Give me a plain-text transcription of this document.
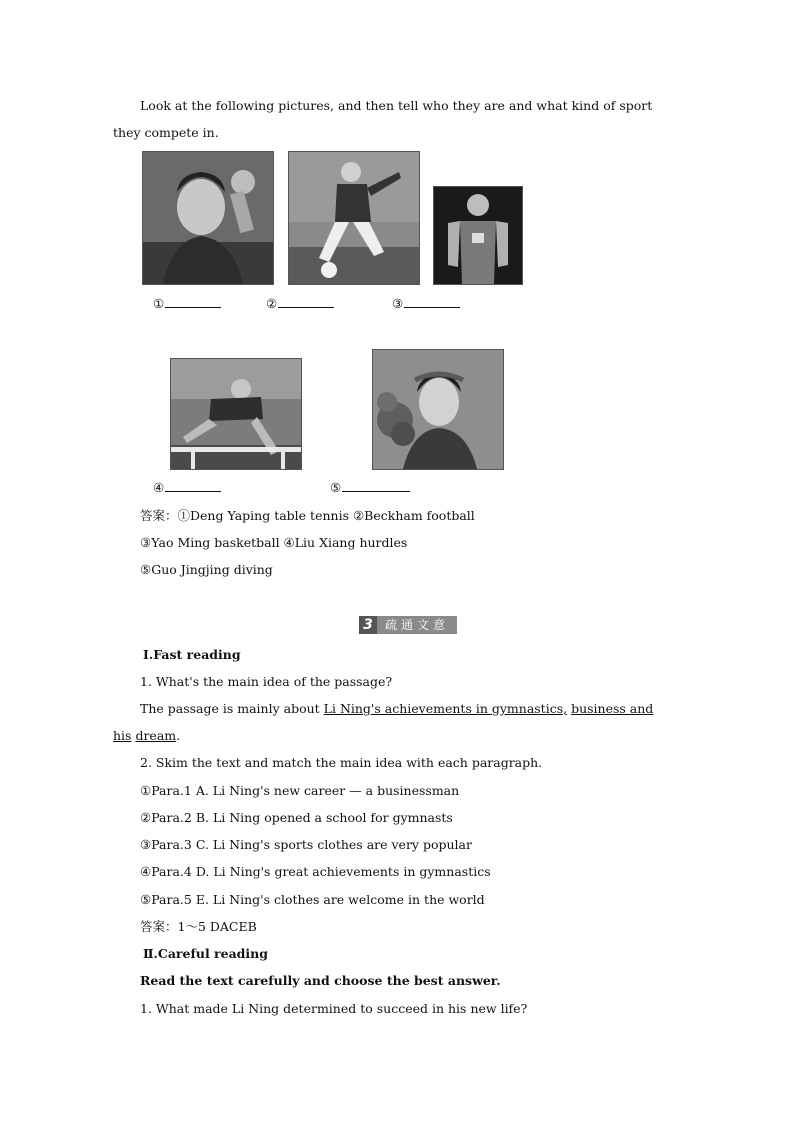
Look at the following pictures, and then tell who they are and what kind of sport
they compete in.
①	②	③
④	⑤
答案：①Deng Yaping table tennis ②Beckham football
③Yao Ming basketball ④Liu Xiang hurdles
⑤Guo Jingjing diving
3	疏通文意
Ⅰ.Fast reading
1. What's the main idea of the passage?
The passage is mainly about Li Ning's achievements in gymnastics, business and
his dream.
2. Skim the text and match the main idea with each paragraph.
①Para.1 A. Li Ning's new career — a businessman
②Para.2 B. Li Ning opened a school for gymnasts
③Para.3 C. Li Ning's sports clothes are very popular
④Para.4 D. Li Ning's great achievements in gymnastics
⑤Para.5 E. Li Ning's clothes are welcome in the world
答案：1～5 DACEB
Ⅱ.Careful reading
Read the text carefully and choose the best answer.
1. What made Li Ning determined to succeed in his new life?
